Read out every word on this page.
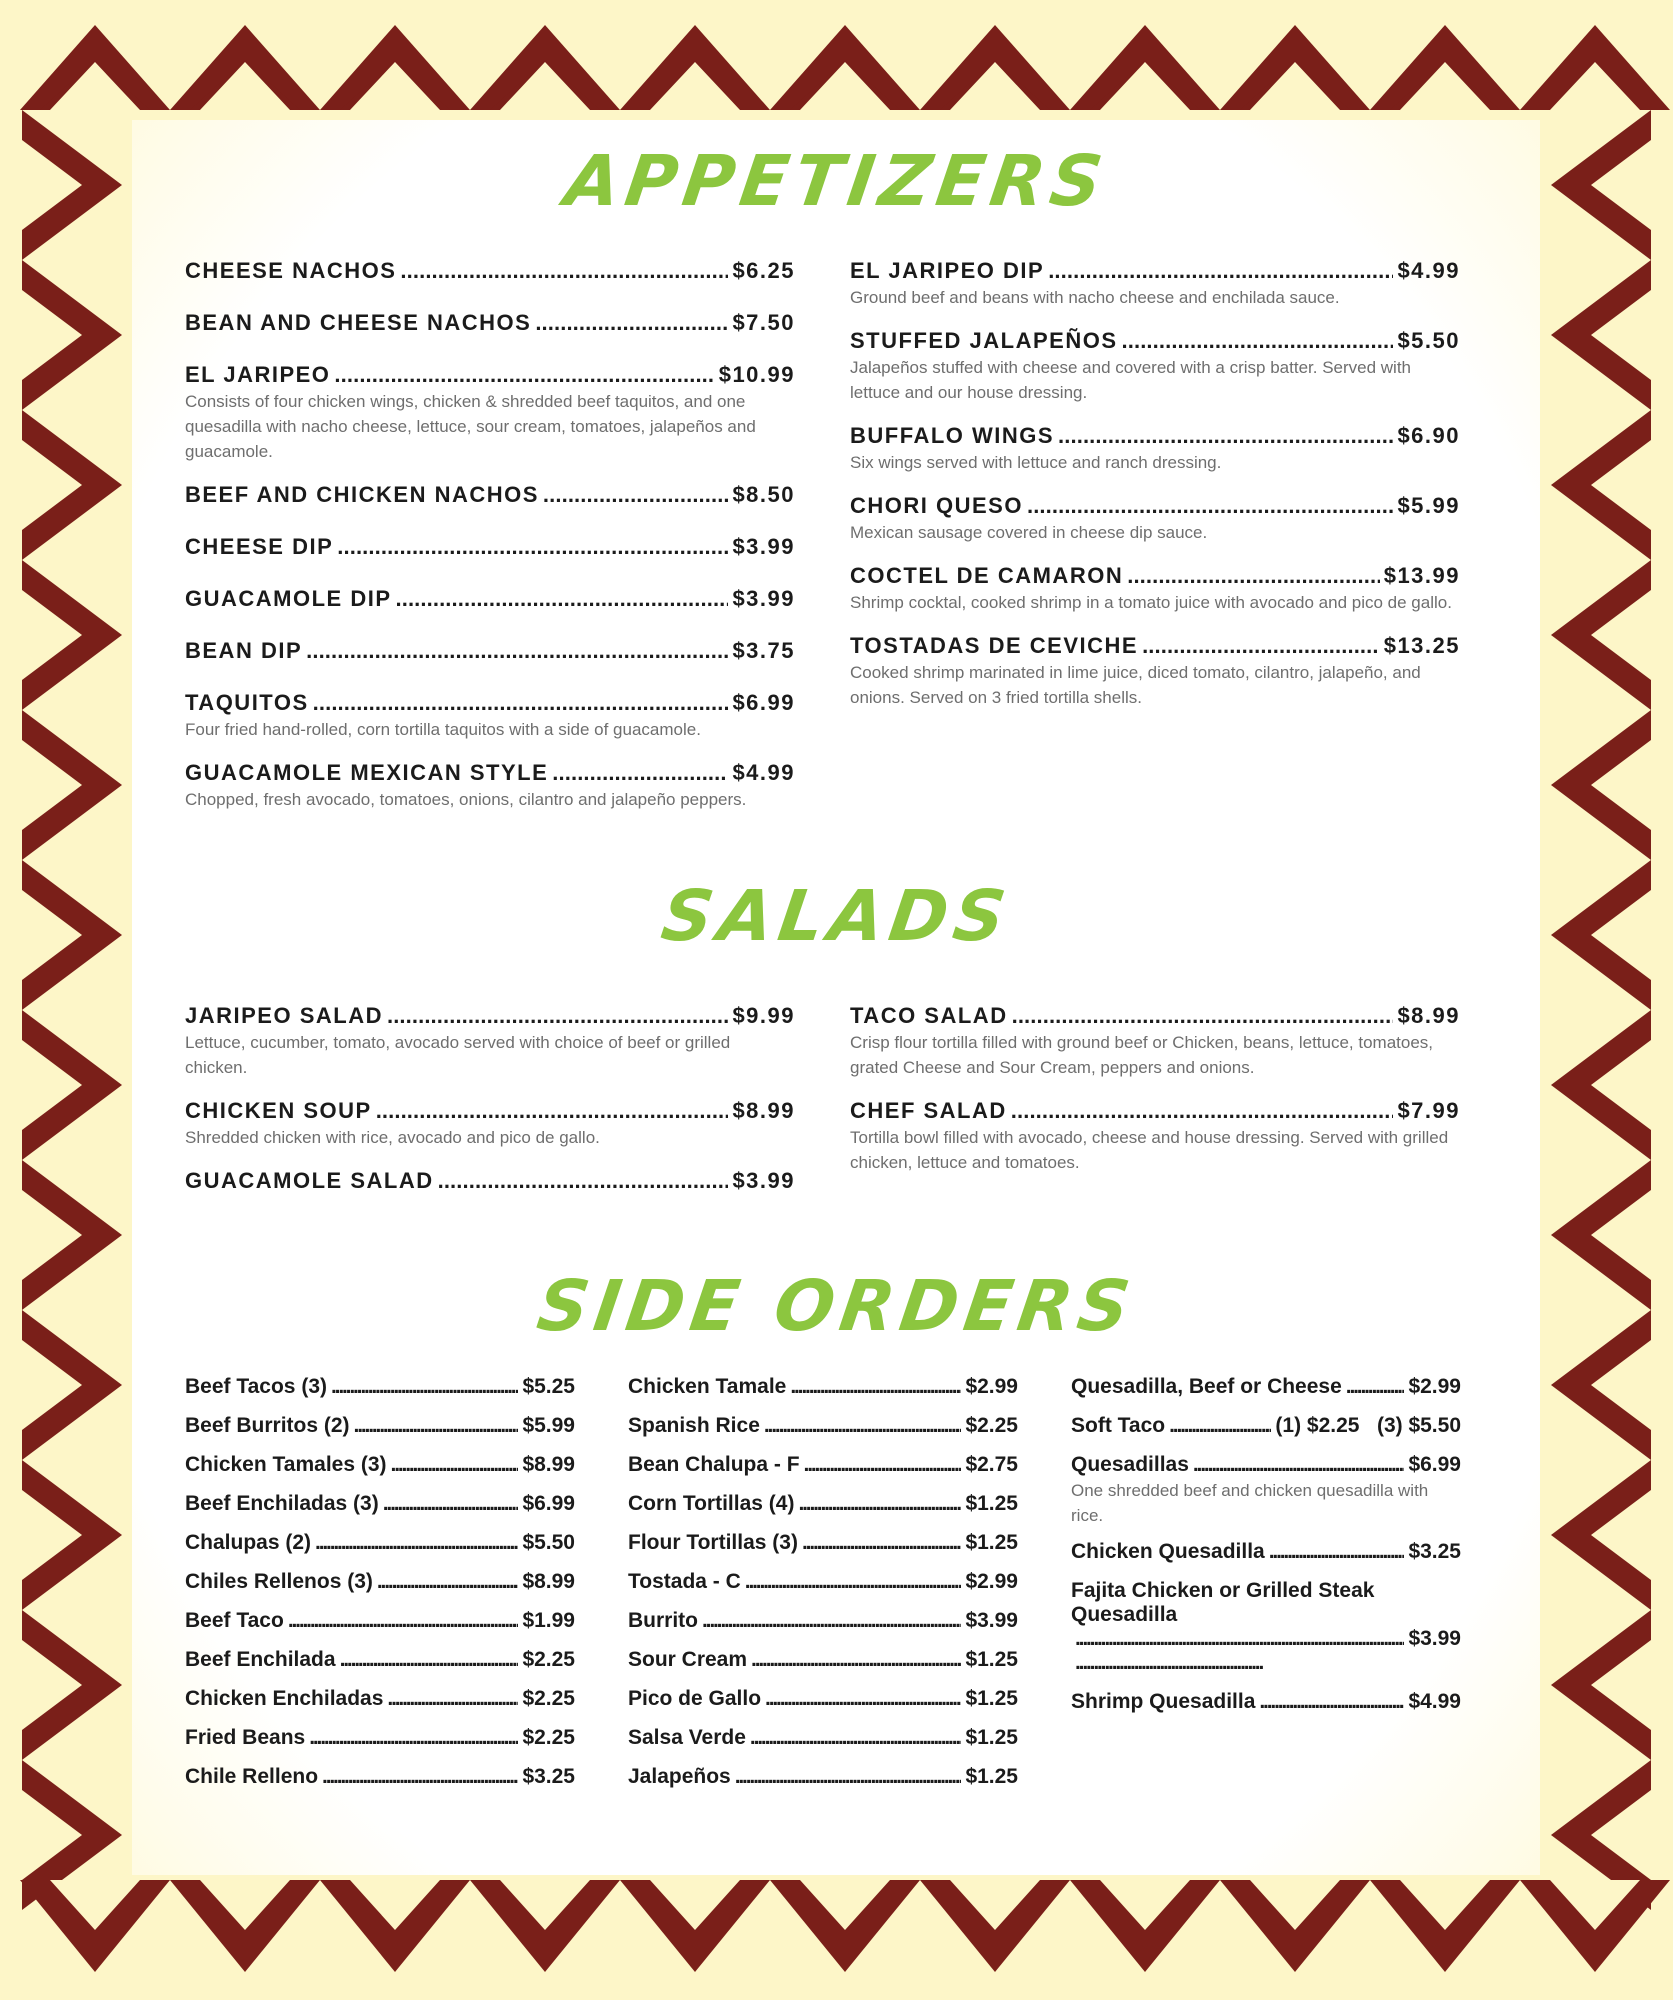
APPETIZERS
CHEESE NACHOS . . .	$6.25
BEAN AND CHEESE NACHOS . . .	$7.50
EL JARIPEO . . .	$10.99
Consists of four chicken wings, chicken & shredded beef taquitos, and one quesadilla with nacho cheese, lettuce, sour cream, tomatoes, jalapeños and guacamole.
BEEF AND CHICKEN NACHOS . . .	$8.50
CHEESE DIP . . .	$3.99
GUACAMOLE DIP . . .	$3.99
BEAN DIP . . .	$3.75
TAQUITOS . . .	$6.99
Four fried hand-rolled, corn tortilla taquitos with a side of guacamole.
GUACAMOLE MEXICAN STYLE . . .	$4.99
Chopped, fresh avocado, tomatoes, onions, cilantro and jalapeño peppers.
EL JARIPEO DIP . . .	$4.99
Ground beef and beans with nacho cheese and enchilada sauce.
STUFFED JALAPEÑOS . . .	$5.50
Jalapeños stuffed with cheese and covered with a crisp batter. Served with lettuce and our house dressing.
BUFFALO WINGS . . .	$6.90
Six wings served with lettuce and ranch dressing.
CHORI QUESO . . .	$5.99
Mexican sausage covered in cheese dip sauce.
COCTEL DE CAMARON . . .	$13.99
Shrimp cocktal, cooked shrimp in a tomato juice with avocado and pico de gallo.
TOSTADAS DE CEVICHE . . .	$13.25
Cooked shrimp marinated in lime juice, diced tomato, cilantro, jalapeño, and onions. Served on 3 fried tortilla shells.
SALADS
JARIPEO SALAD . . .	$9.99
Lettuce, cucumber, tomato, avocado served with choice of beef or grilled chicken.
CHICKEN SOUP . . .	$8.99
Shredded chicken with rice, avocado and pico de gallo.
GUACAMOLE SALAD . . .	$3.99
TACO SALAD . . .	$8.99
Crisp flour tortilla filled with ground beef or Chicken, beans, lettuce, tomatoes, grated Cheese and Sour Cream, peppers and onions.
CHEF SALAD . . .	$7.99
Tortilla bowl filled with avocado, cheese and house dressing. Served with grilled chicken, lettuce and tomatoes.
SIDE ORDERS
Beef Tacos (3) . . .	$5.25
Beef Burritos (2) . . .	$5.99
Chicken Tamales (3) . . .	$8.99
Beef Enchiladas (3) . . .	$6.99
Chalupas (2) . . .	$5.50
Chiles Rellenos (3) . . .	$8.99
Beef Taco . . .	$1.99
Beef Enchilada . . .	$2.25
Chicken Enchiladas . . .	$2.25
Fried Beans . . .	$2.25
Chile Relleno . . .	$3.25
Chicken Tamale . . .	$2.99
Spanish Rice . . .	$2.25
Bean Chalupa - F . . .	$2.75
Corn Tortillas (4) . . .	$1.25
Flour Tortillas (3) . . .	$1.25
Tostada - C . . .	$2.99
Burrito . . .	$3.99
Sour Cream . . .	$1.25
Pico de Gallo . . .	$1.25
Salsa Verde . . .	$1.25
Jalapeños . . .	$1.25
Quesadilla, Beef or Cheese . . .	$2.99
Soft Taco . . .	(1) $2.25   (3) $5.50
Quesadillas . . .	$6.99
One shredded beef and chicken quesadilla with rice.
Chicken Quesadilla . . .	$3.25
Fajita Chicken or Grilled Steak Quesadilla
. . .
$3.99
Shrimp Quesadilla . . .	$4.99
